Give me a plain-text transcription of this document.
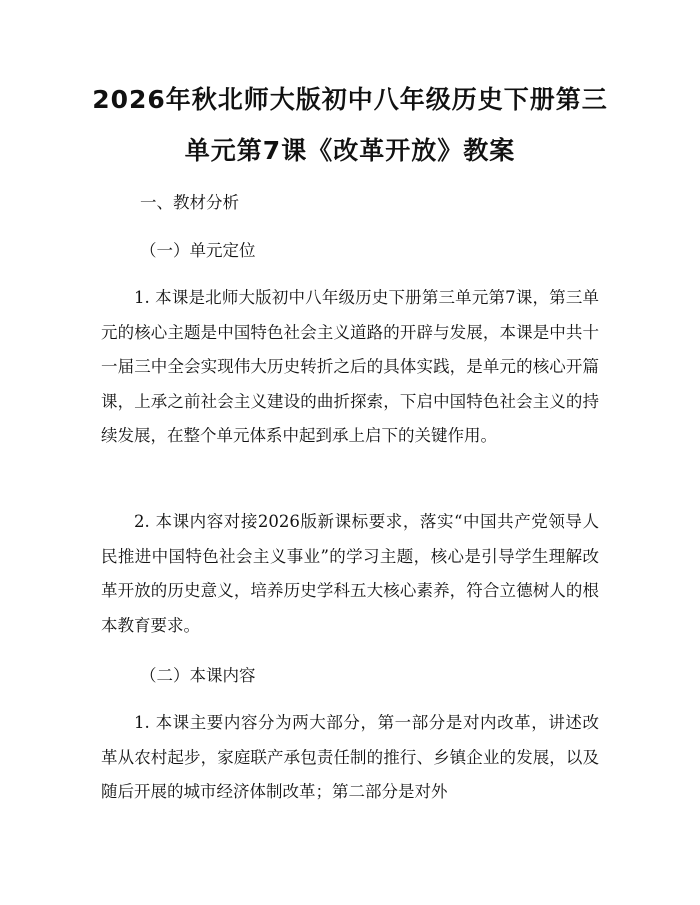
2026年秋北师大版初中八年级历史下册第三
单元第7课《改革开放》教案
一、教材分析
（一）单元定位

1. 本课是北师大版初中八年级历史下册第三单元第7课，第三单元的核心主题是中国特色社会主义道路的开辟与发展，本课是中共十一届三中全会实现伟大历史转折之后的具体实践，是单元的核心开篇课，上承之前社会主义建设的曲折探索，下启中国特色社会主义的持续发展，在整个单元体系中起到承上启下的关键作用。

2. 本课内容对接2026版新课标要求，落实“中国共产党领导人民推进中国特色社会主义事业”的学习主题，核心是引导学生理解改革开放的历史意义，培养历史学科五大核心素养，符合立德树人的根本教育要求。

（二）本课内容

1. 本课主要内容分为两大部分，第一部分是对内改革，讲述改革从农村起步，家庭联产承包责任制的推行、乡镇企业的发展，以及随后开展的城市经济体制改革；第二部分是对外
